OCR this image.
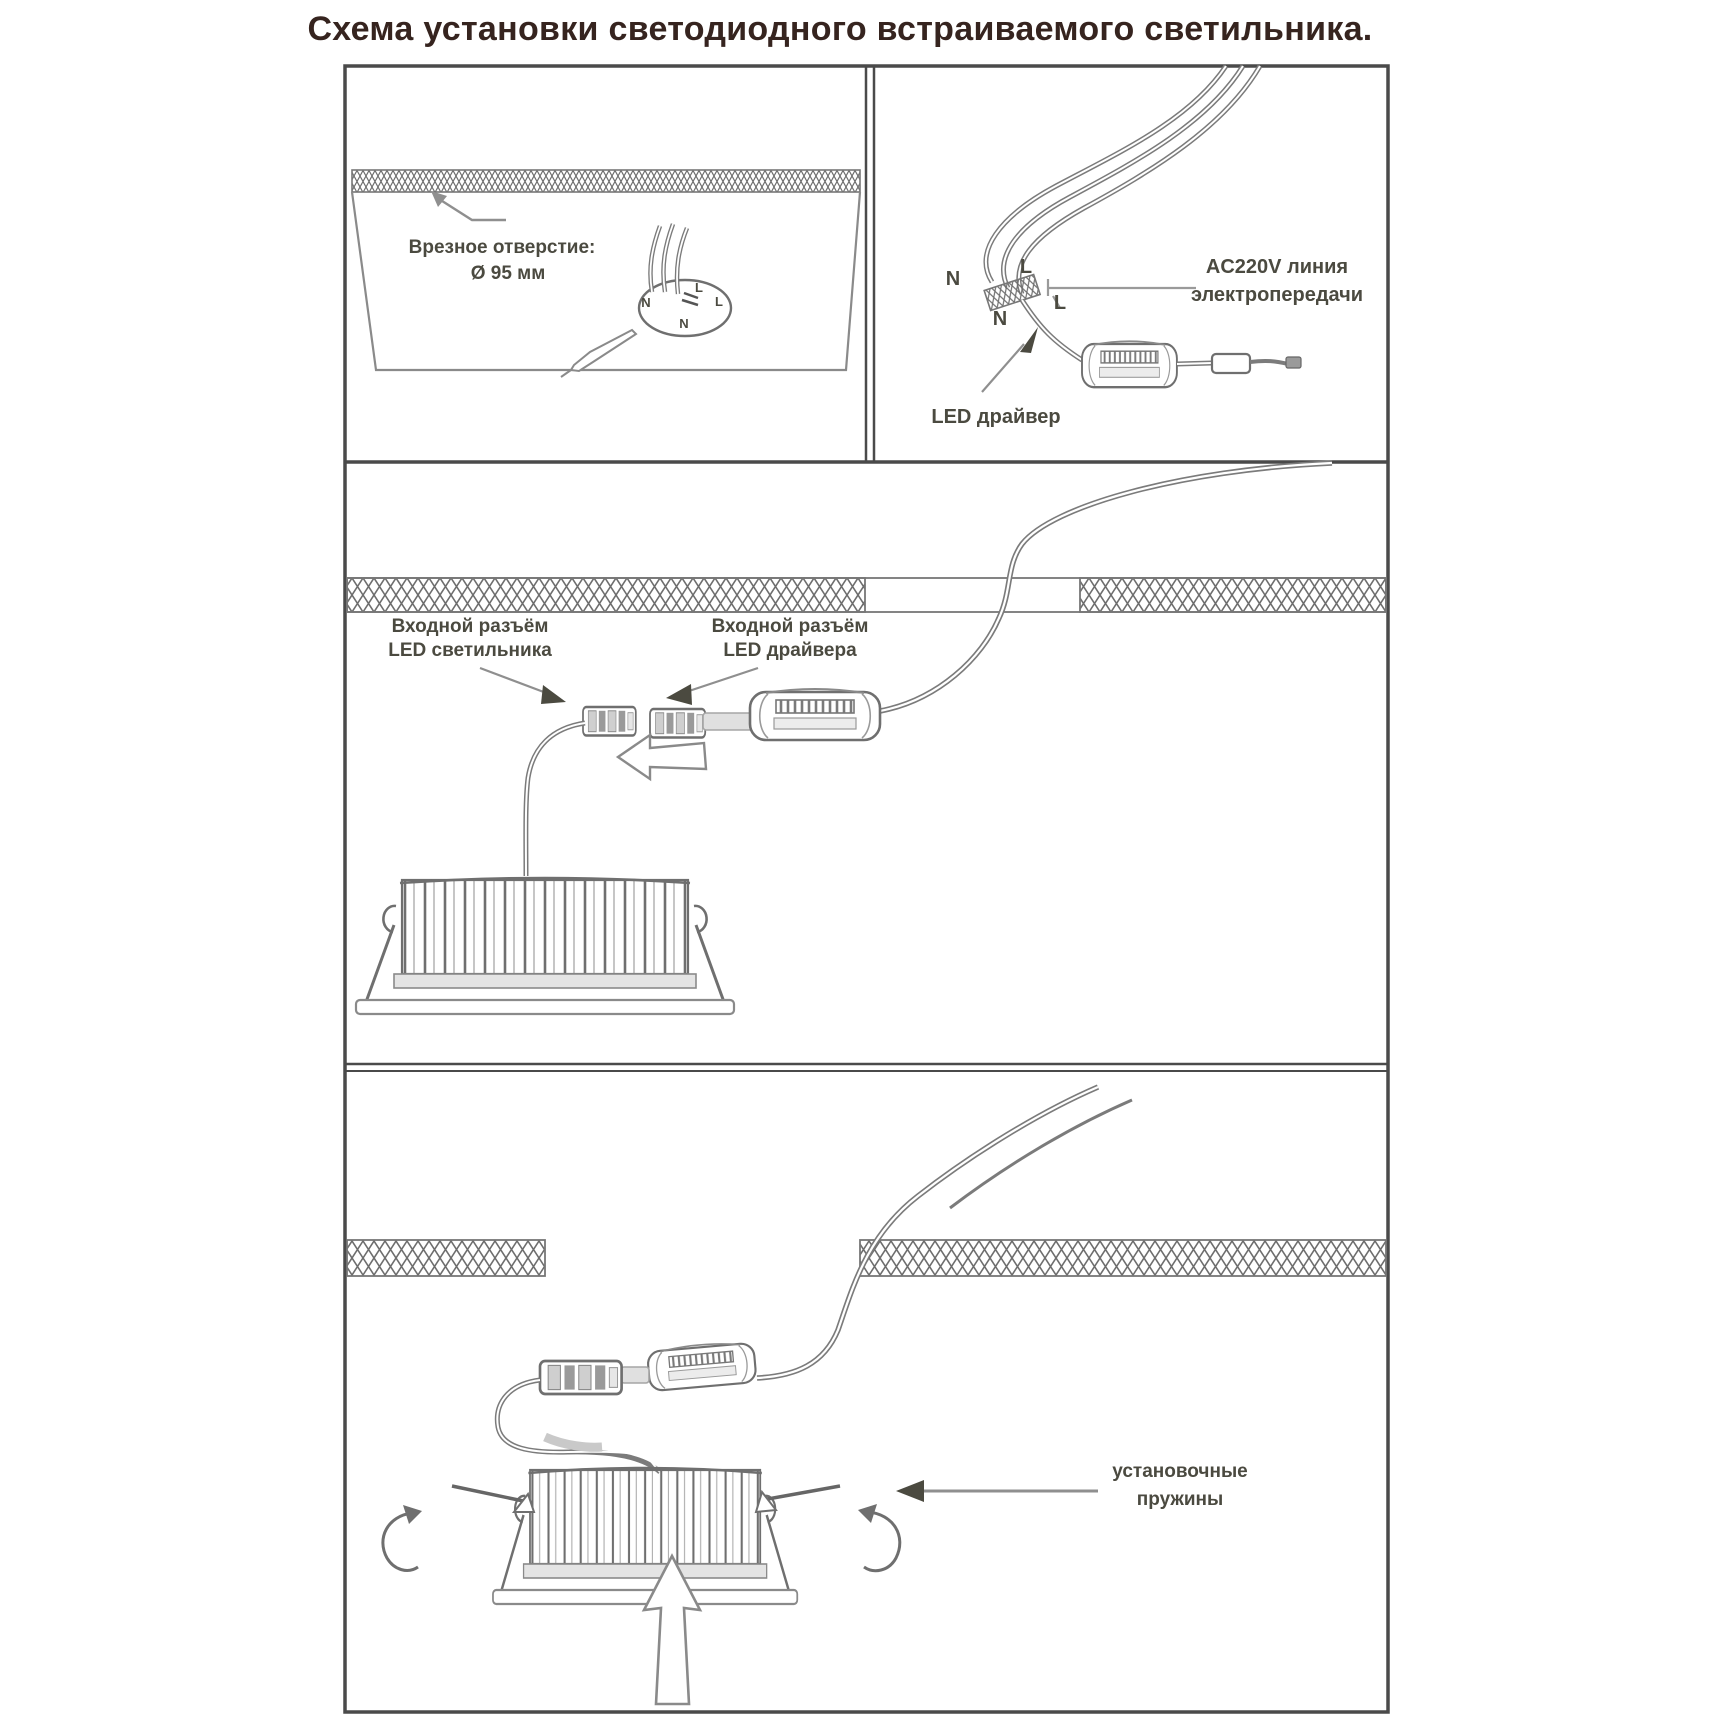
Схема установки светодиодного встраиваемого светильника.
Врезное отверстие:
Ø 95 мм
N
L
L
N
N
L
L
N
AC220V линия
электропередачи
LED драйвер
Входной разъём
LED светильника
Входной разъём
LED драйвера
установочные
пружины
